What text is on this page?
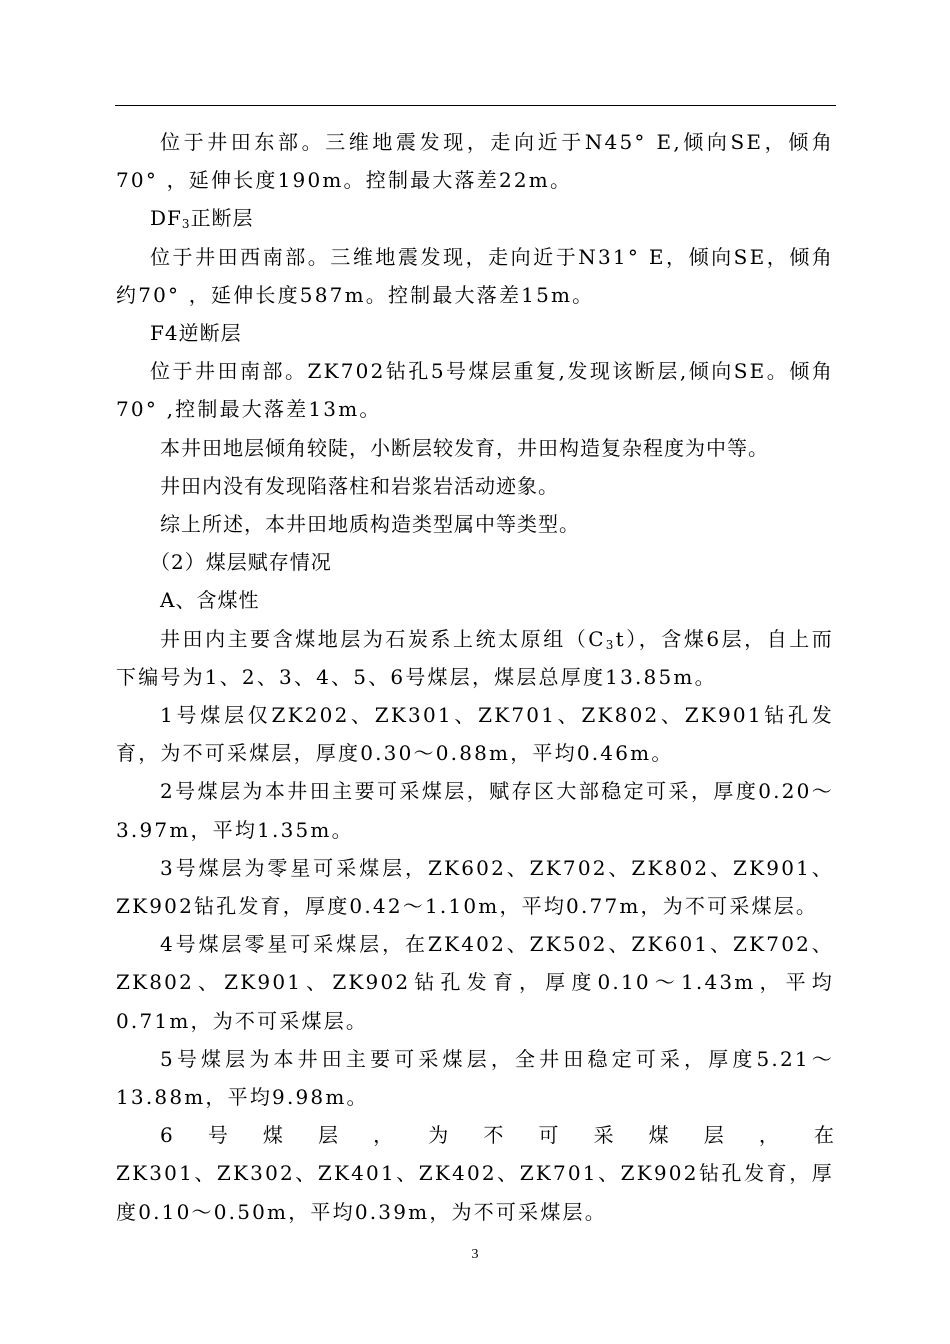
位于井田东部。三维地震发现，走向近于N45° E,倾向SE，倾角70° ，延伸长度190m。控制最大落差22m。

$DF_3$正断层

位于井田西南部。三维地震发现，走向近于N31° E，倾向SE，倾角约70° ，延伸长度587m。控制最大落差15m。

F4逆断层

位于井田南部。ZK702钻孔5号煤层重复,发现该断层,倾向SE。倾角70° ,控制最大落差13m。

本井田地层倾角较陡，小断层较发育，井田构造复杂程度为中等。

井田内没有发现陷落柱和岩浆岩活动迹象。

综上所述，本井田地质构造类型属中等类型。

（2）煤层赋存情况

A、含煤性

井田内主要含煤地层为石炭系上统太原组$(C_3t)$，含煤6层，自上而下编号为1、2、3、4、5、6号煤层，煤层总厚度13.85m。

1号煤层仅ZK202、ZK301、ZK701、ZK802、ZK901钻孔发育，为不可采煤层，厚度0.30～0.88m，平均0.46m。

2号煤层为本井田主要可采煤层，赋存区大部稳定可采，厚度0.20～3.97m，平均1.35m。

3号煤层为零星可采煤层，ZK602、ZK702、ZK802、ZK901、ZK902钻孔发育，厚度0.42～1.10m，平均0.77m，为不可采煤层。

4号煤层零星可采煤层，在ZK402、ZK502、ZK601、ZK702、ZK802、ZK901、ZK902钻孔发育，厚度0.10～1.43m，平均0.71m，为不可采煤层。

5号煤层为本井田主要可采煤层，全井田稳定可采，厚度5.21～13.88m，平均9.98m。

6号煤层，为不可采煤层，在

ZK301、ZK302、ZK401、ZK402、ZK701、ZK902钻孔发育，厚度0.10～0.50m，平均0.39m，为不可采煤层。

3
